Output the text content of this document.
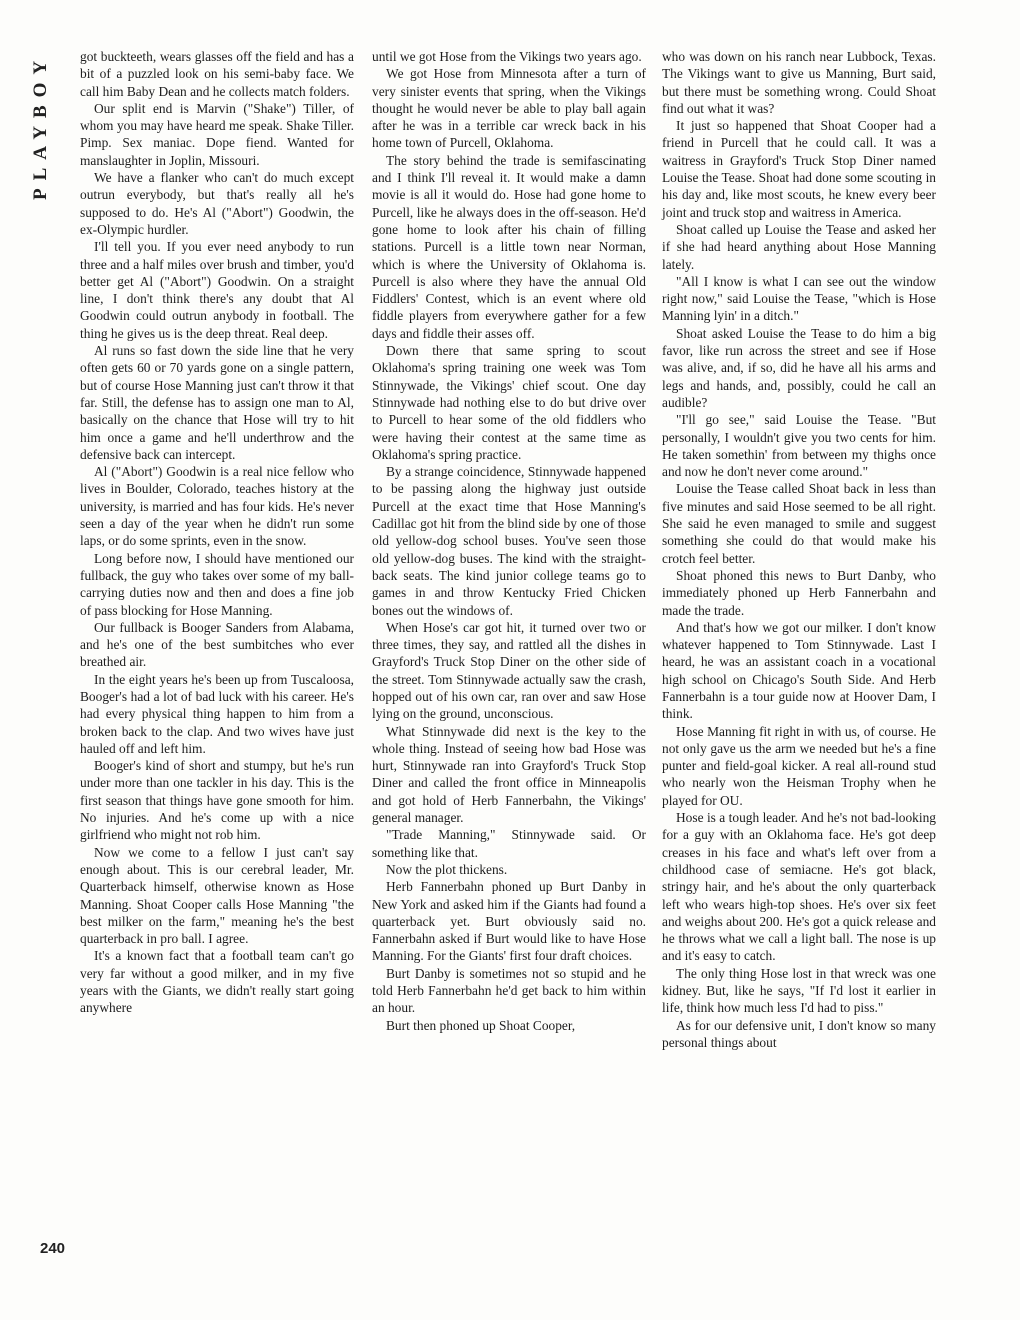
PLAYBOY got buckteeth, wears glasses off the field and has a bit of a puzzled look on his semi-baby face. We call him Baby Dean and he collects match folders.

Our split end is Marvin ("Shake") Tiller, of whom you may have heard me speak. Shake Tiller. Pimp. Sex maniac. Dope fiend. Wanted for manslaughter in Joplin, Missouri.

We have a flanker who can't do much except outrun everybody, but that's really all he's supposed to do. He's Al ("Abort") Goodwin, the ex-Olympic hurdler.

I'll tell you. If you ever need anybody to run three and a half miles over brush and timber, you'd better get Al ("Abort") Goodwin. On a straight line, I don't think there's any doubt that Al Goodwin could outrun anybody in football. The thing he gives us is the deep threat. Real deep.

Al runs so fast down the side line that he very often gets 60 or 70 yards gone on a single pattern, but of course Hose Manning just can't throw it that far. Still, the defense has to assign one man to Al, basically on the chance that Hose will try to hit him once a game and he'll underthrow and the defensive back can intercept.

Al ("Abort") Goodwin is a real nice fellow who lives in Boulder, Colorado, teaches history at the university, is married and has four kids. He's never seen a day of the year when he didn't run some laps, or do some sprints, even in the snow.

Long before now, I should have mentioned our fullback, the guy who takes over some of my ball-carrying duties now and then and does a fine job of pass blocking for Hose Manning.

Our fullback is Booger Sanders from Alabama, and he's one of the best sumbitches who ever breathed air.

In the eight years he's been up from Tuscaloosa, Booger's had a lot of bad luck with his career. He's had every physical thing happen to him from a broken back to the clap. And two wives have just hauled off and left him.

Booger's kind of short and stumpy, but he's run under more than one tackler in his day. This is the first season that things have gone smooth for him. No injuries. And he's come up with a nice girlfriend who might not rob him.

Now we come to a fellow I just can't say enough about. This is our cerebral leader, Mr. Quarterback himself, otherwise known as Hose Manning. Shoat Cooper calls Hose Manning "the best milker on the farm," meaning he's the best quarterback in pro ball. I agree.

It's a known fact that a football team can't go very far without a good milker, and in my five years with the Giants, we didn't really start going anywhere

until we got Hose from the Vikings two years ago.

We got Hose from Minnesota after a turn of very sinister events that spring, when the Vikings thought he would never be able to play ball again after he was in a terrible car wreck back in his home town of Purcell, Oklahoma.

The story behind the trade is semifascinating and I think I'll reveal it. It would make a damn movie is all it would do. Hose had gone home to Purcell, like he always does in the off-season. He'd gone home to look after his chain of filling stations. Purcell is a little town near Norman, which is where the University of Oklahoma is. Purcell is also where they have the annual Old Fiddlers' Contest, which is an event where old fiddle players from everywhere gather for a few days and fiddle their asses off.

Down there that same spring to scout Oklahoma's spring training one week was Tom Stinnywade, the Vikings' chief scout. One day Stinnywade had nothing else to do but drive over to Purcell to hear some of the old fiddlers who were having their contest at the same time as Oklahoma's spring practice.

By a strange coincidence, Stinnywade happened to be passing along the highway just outside Purcell at the exact time that Hose Manning's Cadillac got hit from the blind side by one of those old yellow-dog school buses. You've seen those old yellow-dog buses. The kind with the straight-back seats. The kind junior college teams go to games in and throw Kentucky Fried Chicken bones out the windows of.

When Hose's car got hit, it turned over two or three times, they say, and rattled all the dishes in Grayford's Truck Stop Diner on the other side of the street. Tom Stinnywade actually saw the crash, hopped out of his own car, ran over and saw Hose lying on the ground, unconscious.

What Stinnywade did next is the key to the whole thing. Instead of seeing how bad Hose was hurt, Stinnywade ran into Grayford's Truck Stop Diner and called the front office in Minneapolis and got hold of Herb Fannerbahn, the Vikings' general manager.

"Trade Manning," Stinnywade said. Or something like that.

Now the plot thickens.

Herb Fannerbahn phoned up Burt Danby in New York and asked him if the Giants had found a quarterback yet. Burt obviously said no. Fannerbahn asked if Burt would like to have Hose Manning. For the Giants' first four draft choices.

Burt Danby is sometimes not so stupid and he told Herb Fannerbahn he'd get back to him within an hour.

Burt then phoned up Shoat Cooper,

who was down on his ranch near Lubbock, Texas. The Vikings want to give us Manning, Burt said, but there must be something wrong. Could Shoat find out what it was?

It just so happened that Shoat Cooper had a friend in Purcell that he could call. It was a waitress in Grayford's Truck Stop Diner named Louise the Tease. Shoat had done some scouting in his day and, like most scouts, he knew every beer joint and truck stop and waitress in America.

Shoat called up Louise the Tease and asked her if she had heard anything about Hose Manning lately.

"All I know is what I can see out the window right now," said Louise the Tease, "which is Hose Manning lyin' in a ditch."

Shoat asked Louise the Tease to do him a big favor, like run across the street and see if Hose was alive, and, if so, did he have all his arms and legs and hands, and, possibly, could he call an audible?

"I'll go see," said Louise the Tease. "But personally, I wouldn't give you two cents for him. He taken somethin' from between my thighs once and now he don't never come around."

Louise the Tease called Shoat back in less than five minutes and said Hose seemed to be all right. She said he even managed to smile and suggest something she could do that would make his crotch feel better.

Shoat phoned this news to Burt Danby, who immediately phoned up Herb Fannerbahn and made the trade.

And that's how we got our milker. I don't know whatever happened to Tom Stinnywade. Last I heard, he was an assistant coach in a vocational high school on Chicago's South Side. And Herb Fannerbahn is a tour guide now at Hoover Dam, I think.

Hose Manning fit right in with us, of course. He not only gave us the arm we needed but he's a fine punter and field-goal kicker. A real all-round stud who nearly won the Heisman Trophy when he played for OU.

Hose is a tough leader. And he's not bad-looking for a guy with an Oklahoma face. He's got deep creases in his face and what's left over from a childhood case of semiacne. He's got black, stringy hair, and he's about the only quarterback left who wears high-top shoes. He's over six feet and weighs about 200. He's got a quick release and he throws what we call a light ball. The nose is up and it's easy to catch.

The only thing Hose lost in that wreck was one kidney. But, like he says, "If I'd lost it earlier in life, think how much less I'd had to piss."

As for our defensive unit, I don't know so many personal things about

240
